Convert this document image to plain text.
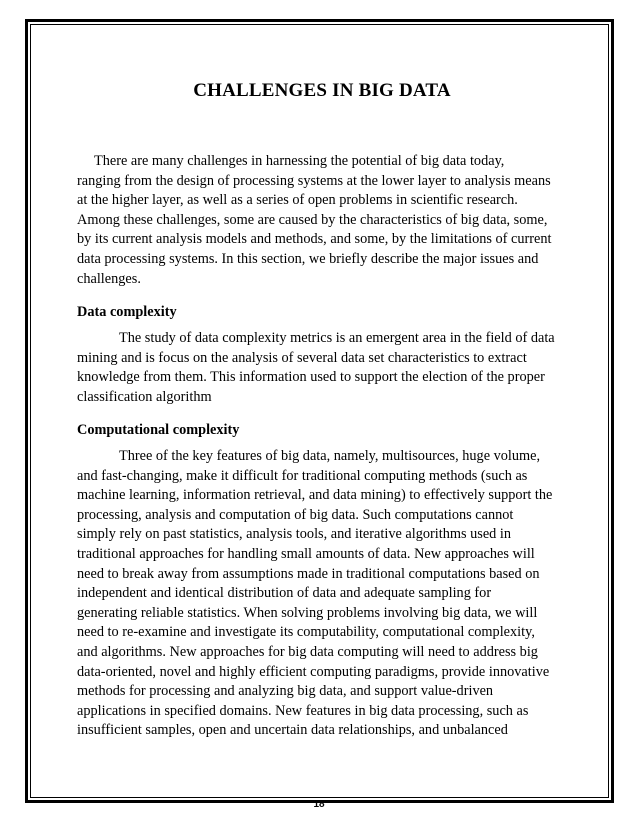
CHALLENGES IN BIG DATA
There are many challenges in harnessing the potential of big data today,
ranging from the design of processing systems at the lower layer to analysis means
at the higher layer, as well as a series of open problems in scientific research.
Among these challenges, some are caused by the characteristics of big data, some,
by its current analysis models and methods, and some, by the limitations of current
data processing systems. In this section, we briefly describe the major issues and
challenges.
Data complexity
The study of data complexity metrics is an emergent area in the field of data
mining and is focus on the analysis of several data set characteristics to extract
knowledge from them. This information used to support the election of the proper
classification algorithm
Computational complexity
Three of the key features of big data, namely, multisources, huge volume,
and fast-changing, make it difficult for traditional computing methods (such as
machine learning, information retrieval, and data mining) to effectively support the
processing, analysis and computation of big data. Such computations cannot
simply rely on past statistics, analysis tools, and iterative algorithms used in
traditional approaches for handling small amounts of data. New approaches will
need to break away from assumptions made in traditional computations based on
independent and identical distribution of data and adequate sampling for
generating reliable statistics. When solving problems involving big data, we will
need to re-examine and investigate its computability, computational complexity,
and algorithms. New approaches for big data computing will need to address big
data-oriented, novel and highly efficient computing paradigms, provide innovative
methods for processing and analyzing big data, and support value-driven
applications in specified domains. New features in big data processing, such as
insufficient samples, open and uncertain data relationships, and unbalanced
18
